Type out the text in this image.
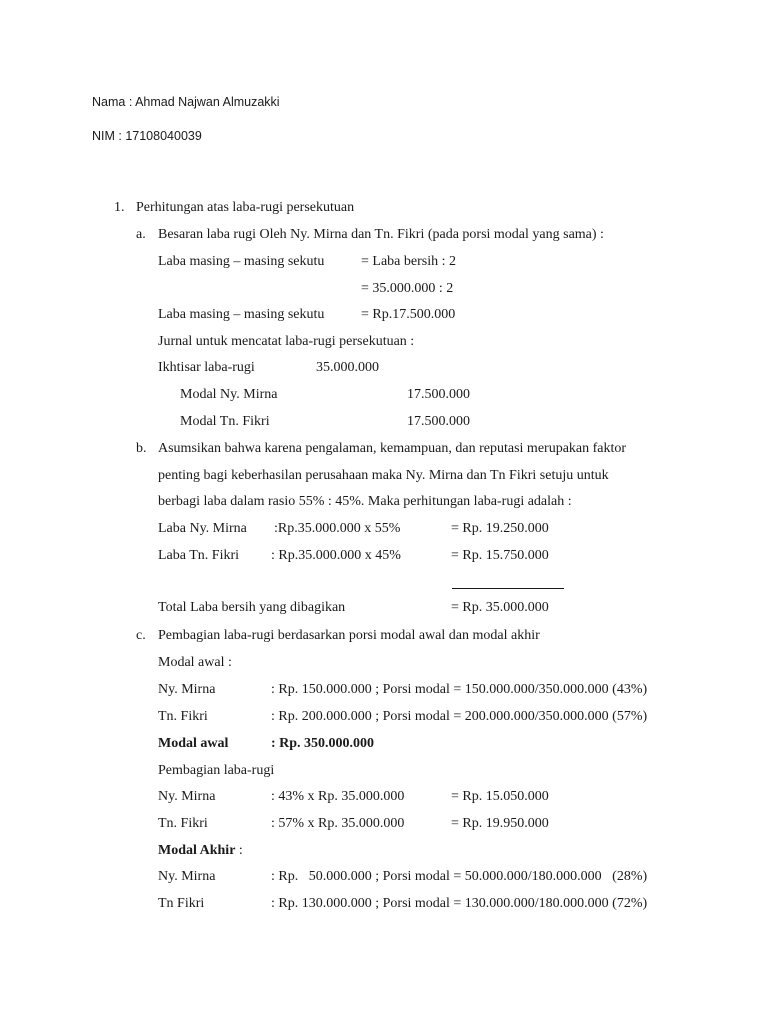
Nama : Ahmad Najwan Almuzakki
NIM : 17108040039
1. Perhitungan atas laba-rugi persekutuan
a. Besaran laba rugi Oleh Ny. Mirna dan Tn. Fikri (pada porsi modal yang sama) :
Laba masing – masing sekutu	= Laba bersih : 2
= 35.000.000 : 2
Laba masing – masing sekutu	= Rp.17.500.000
Jurnal untuk mencatat laba-rugi persekutuan :
Ikhtisar laba-rugi	35.000.000
Modal Ny. Mirna	17.500.000
Modal Tn. Fikri	17.500.000
b. Asumsikan bahwa karena pengalaman, kemampuan, dan reputasi merupakan faktor
penting bagi keberhasilan perusahaan maka Ny. Mirna dan Tn Fikri setuju untuk
berbagi laba dalam rasio 55% : 45%. Maka perhitungan laba-rugi adalah :
Laba Ny. Mirna :Rp.35.000.000 x 55%	= Rp. 19.250.000
Laba Tn. Fikri : Rp.35.000.000 x 45%	= Rp. 15.750.000
Total Laba bersih yang dibagikan	= Rp. 35.000.000
c. Pembagian laba-rugi berdasarkan porsi modal awal dan modal akhir
Modal awal :
Ny. Mirna	: Rp. 150.000.000 ; Porsi modal = 150.000.000/350.000.000 (43%)
Tn. Fikri	: Rp. 200.000.000 ; Porsi modal = 200.000.000/350.000.000 (57%)
Modal awal	: Rp. 350.000.000
Pembagian laba-rugi
Ny. Mirna	: 43% x Rp. 35.000.000	= Rp. 15.050.000
Tn. Fikri	: 57% x Rp. 35.000.000	= Rp. 19.950.000
Modal Akhir :
Ny. Mirna	: Rp.   50.000.000 ; Porsi modal = 50.000.000/180.000.000   (28%)
Tn Fikri	: Rp. 130.000.000 ; Porsi modal = 130.000.000/180.000.000 (72%)
